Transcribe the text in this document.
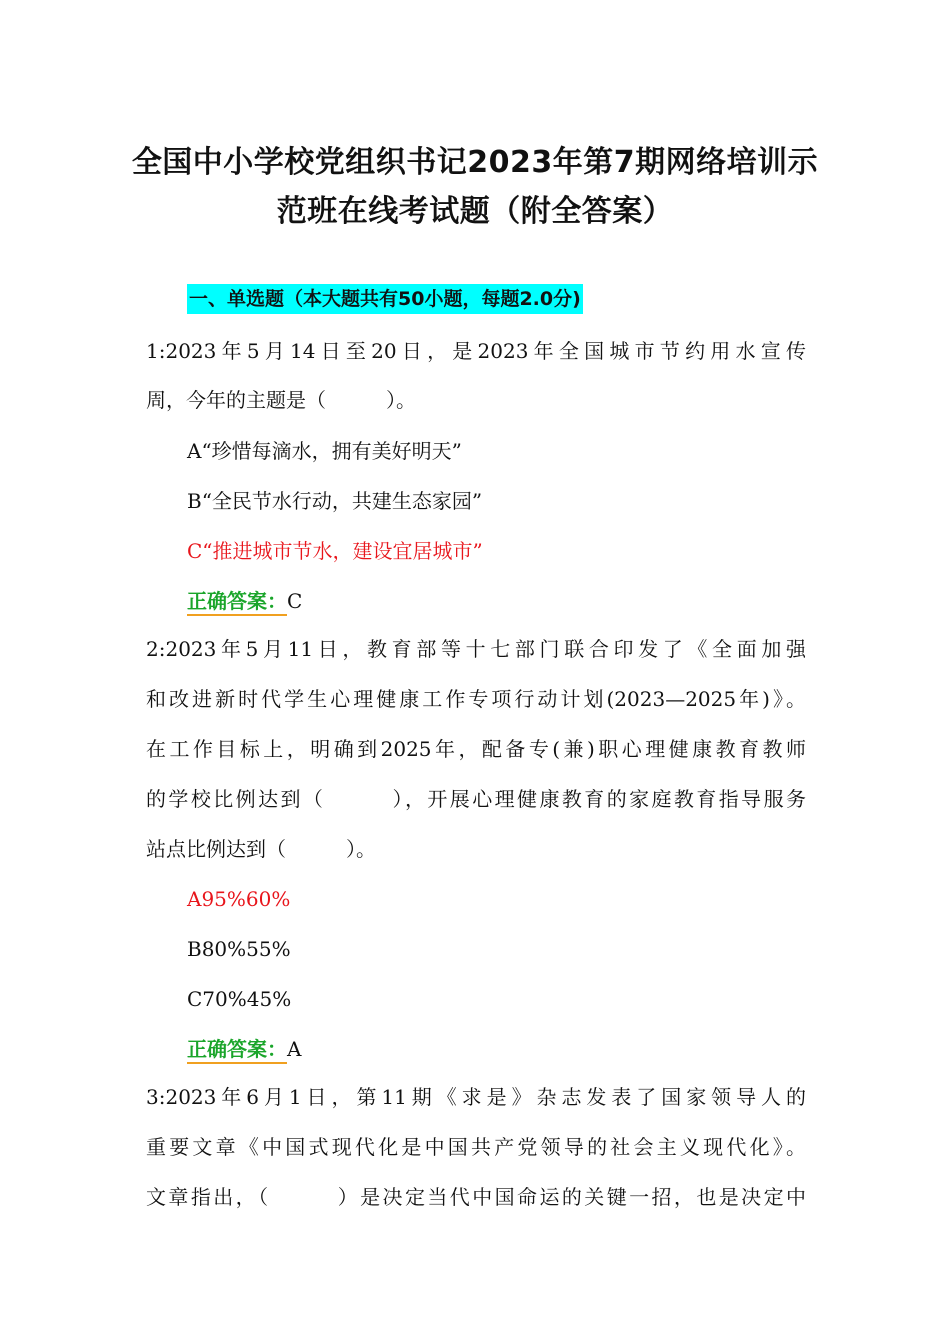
全国中小学校党组织书记2023年第7期网络培训示
范班在线考试题（附全答案）
一、单选题（本大题共有50小题，每题2.0分)
1:2023年5月14日至20日，是2023年全国城市节约用水宣传
周，今年的主题是（　　　）。
A“珍惜每滴水，拥有美好明天”
B“全民节水行动，共建生态家园”
C“推进城市节水，建设宜居城市”
正确答案：C
2:2023年5月11日，教育部等十七部门联合印发了《全面加强
和改进新时代学生心理健康工作专项行动计划(2023—2025年)》。
在工作目标上，明确到2025年，配备专(兼)职心理健康教育教师
的学校比例达到（　　　），开展心理健康教育的家庭教育指导服务
站点比例达到（　　　）。
A95%60%
B80%55%
C70%45%
正确答案：A
3:2023年6月1日，第11期《求是》杂志发表了国家领导人的
重要文章《中国式现代化是中国共产党领导的社会主义现代化》。
文章指出，（　　　）是决定当代中国命运的关键一招，也是决定中
